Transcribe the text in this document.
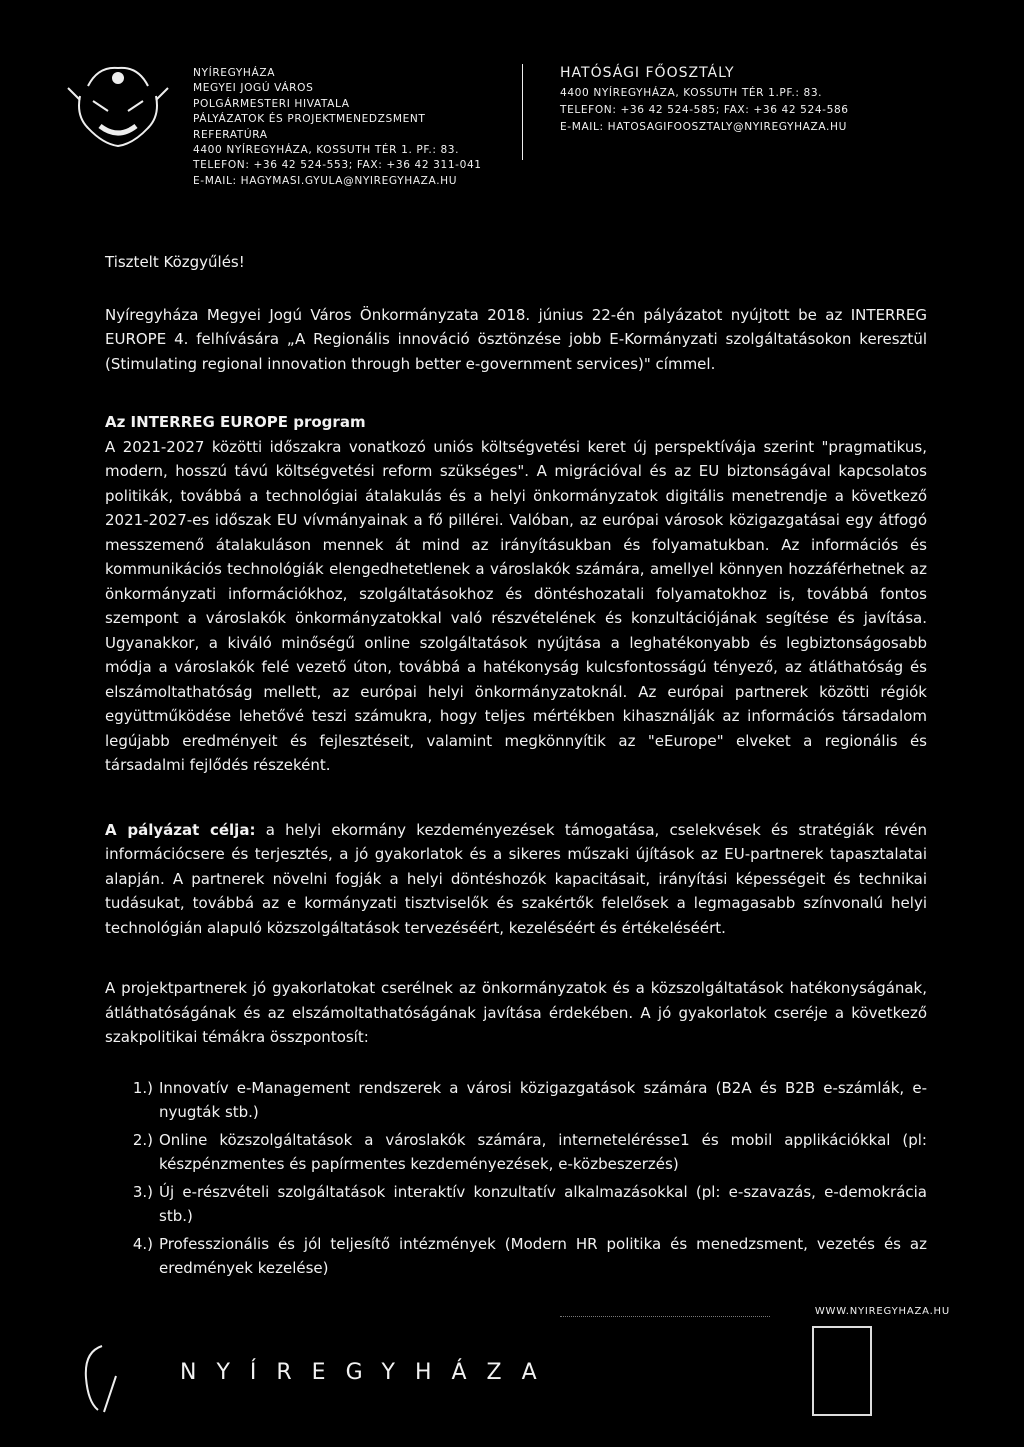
NYÍREGYHÁZA
MEGYEI JOGÚ VÁROS
POLGÁRMESTERI HIVATALA
PÁLYÁZATOK ÉS PROJEKTMENEDZSMENT
REFERATÚRA
4400 NYÍREGYHÁZA, KOSSUTH TÉR 1. PF.: 83.
TELEFON: +36 42 524-553; FAX: +36 42 311-041
E-MAIL: HAGYMASI.GYULA@NYIREGYHAZA.HU
HATÓSÁGI FŐOSZTÁLY
4400 NYÍREGYHÁZA, KOSSUTH TÉR 1.PF.: 83.
TELEFON: +36 42 524-585; FAX: +36 42 524-586
E-MAIL: HATOSAGIFOOSZTALY@NYIREGYHAZA.HU

Tisztelt Közgyűlés!

Nyíregyháza Megyei Jogú Város Önkormányzata 2018. június 22-én pályázatot nyújtott be az INTERREG EUROPE 4. felhívására „A Regionális innováció ösztönzése jobb E-Kormányzati szolgáltatásokon keresztül (Stimulating regional innovation through better e-government services)" címmel.

Az INTERREG EUROPE program

A 2021-2027 közötti időszakra vonatkozó uniós költségvetési keret új perspektívája szerint "pragmatikus, modern, hosszú távú költségvetési reform szükséges". A migrációval és az EU biztonságával kapcsolatos politikák, továbbá a technológiai átalakulás és a helyi önkormányzatok digitális menetrendje a következő 2021-2027-es időszak EU vívmányainak a fő pillérei. Valóban, az európai városok közigazgatásai egy átfogó messzemenő átalakuláson mennek át mind az irányításukban és folyamatukban. Az információs és kommunikációs technológiák elengedhetetlenek a városlakók számára, amellyel könnyen hozzáférhetnek az önkormányzati információkhoz, szolgáltatásokhoz és döntéshozatali folyamatokhoz is, továbbá fontos szempont a városlakók önkormányzatokkal való részvételének és konzultációjának segítése és javítása. Ugyanakkor, a kiváló minőségű online szolgáltatások nyújtása a leghatékonyabb és legbiztonságosabb módja a városlakók felé vezető úton, továbbá a hatékonyság kulcsfontosságú tényező, az átláthatóság és elszámoltathatóság mellett, az európai helyi önkormányzatoknál. Az európai partnerek közötti régiók együttműködése lehetővé teszi számukra, hogy teljes mértékben kihasználják az információs társadalom legújabb eredményeit és fejlesztéseit, valamint megkönnyítik az "eEurope" elveket a regionális és társadalmi fejlődés részeként.

A pályázat célja: a helyi ekormány kezdeményezések támogatása, cselekvések és stratégiák révén információcsere és terjesztés, a jó gyakorlatok és a sikeres műszaki újítások az EU-partnerek tapasztalatai alapján. A partnerek növelni fogják a helyi döntéshozók kapacitásait, irányítási képességeit és technikai tudásukat, továbbá az e kormányzati tisztviselők és szakértők felelősek a legmagasabb színvonalú helyi technológián alapuló közszolgáltatások tervezéséért, kezeléséért és értékeléséért.

A projektpartnerek jó gyakorlatokat cserélnek az önkormányzatok és a közszolgáltatások hatékonyságának, átláthatóságának és az elszámoltathatóságának javítása érdekében. A jó gyakorlatok cseréje a következő szakpolitikai témákra összpontosít:

1.) Innovatív e-Management rendszerek a városi közigazgatások számára (B2A és B2B e-számlák, e-nyugták stb.)
2.) Online közszolgáltatások a városlakók számára, internetelérésse1 és mobil applikációkkal (pl: készpénzmentes és papírmentes kezdeményezések, e-közbeszerzés)
3.) Új e-részvételi szolgáltatások interaktív konzultatív alkalmazásokkal (pl: e-szavazás, e-demokrácia stb.)
4.) Professzionális és jól teljesítő intézmények (Modern HR politika és menedzsment, vezetés és az eredmények kezelése)
WWW.NYIREGYHAZA.HU
NYÍREGYHÁZA
